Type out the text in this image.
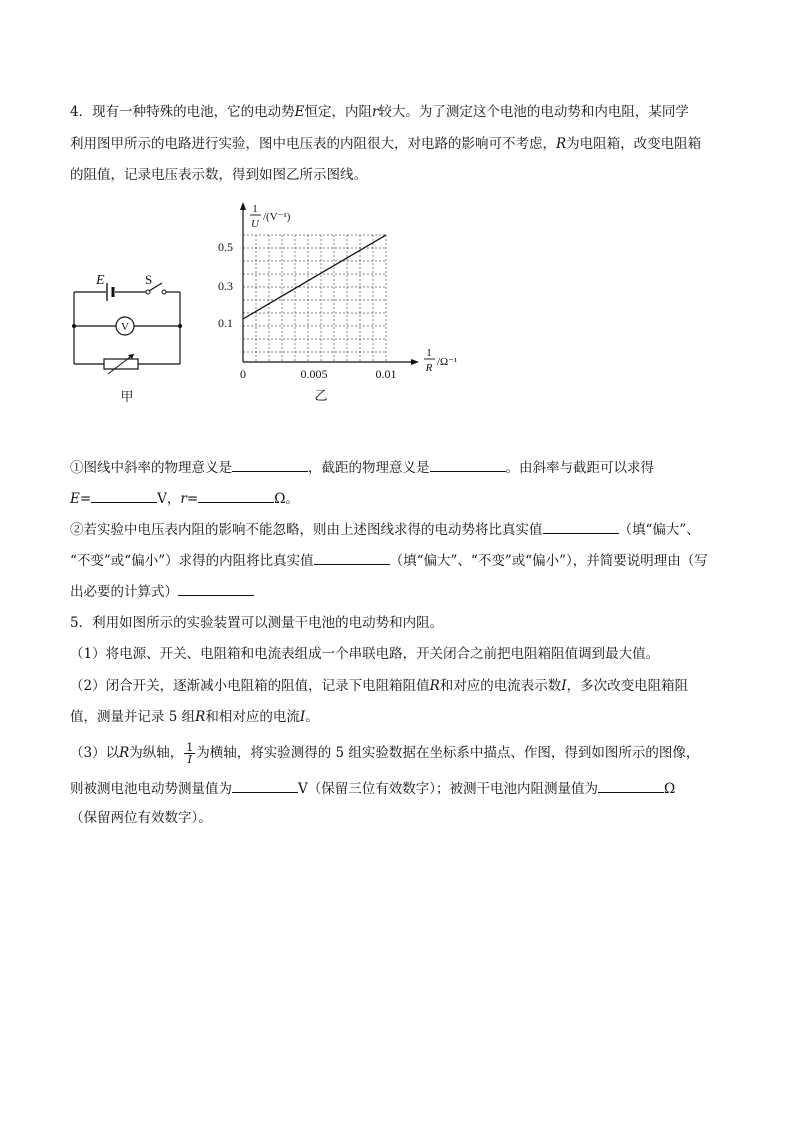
4．现有一种特殊的电池，它的电动势E恒定，内阻r较大。为了测定这个电池的电动势和内电阻，某同学
利用图甲所示的电路进行实验，图中电压表的内阻很大，对电路的影响可不考虑，R为电阻箱，改变电阻箱
的阻值，记录电压表示数，得到如图乙所示图线。
V
E	S
甲
0.5
0.3
0.1
0	0.005	0.01
1
U
/(V⁻¹)
1
R /Ω⁻¹
乙
①图线中斜率的物理意义是	，截距的物理意义是	。由斜率与截距可以求得
E=	V，r=	Ω。
②若实验中电压表内阻的影响不能忽略，则由上述图线求得的电动势将比真实值	（填“偏大”、
“不变”或“偏小”）求得的内阻将比真实值	（填“偏大”、“不变”或“偏小”），并简要说明理由（写
出必要的计算式）
5．利用如图所示的实验装置可以测量干电池的电动势和内阻。
（1）将电源、开关、电阻箱和电流表组成一个串联电路，开关闭合之前把电阻箱阻值调到最大值。
（2）闭合开关，逐渐减小电阻箱的阻值，记录下电阻箱阻值R和对应的电流表示数I，多次改变电阻箱阻
值，测量并记录 5 组R和相对应的电流I。
（3）以R为纵轴， $\frac{1}{I}$ 为横轴，将实验测得的 5 组实验数据在坐标系中描点、作图，得到如图所示的图像，
则被测电池电动势测量值为	V（保留三位有效数字）；被测干电池内阻测量值为	Ω
（保留两位有效数字）。
